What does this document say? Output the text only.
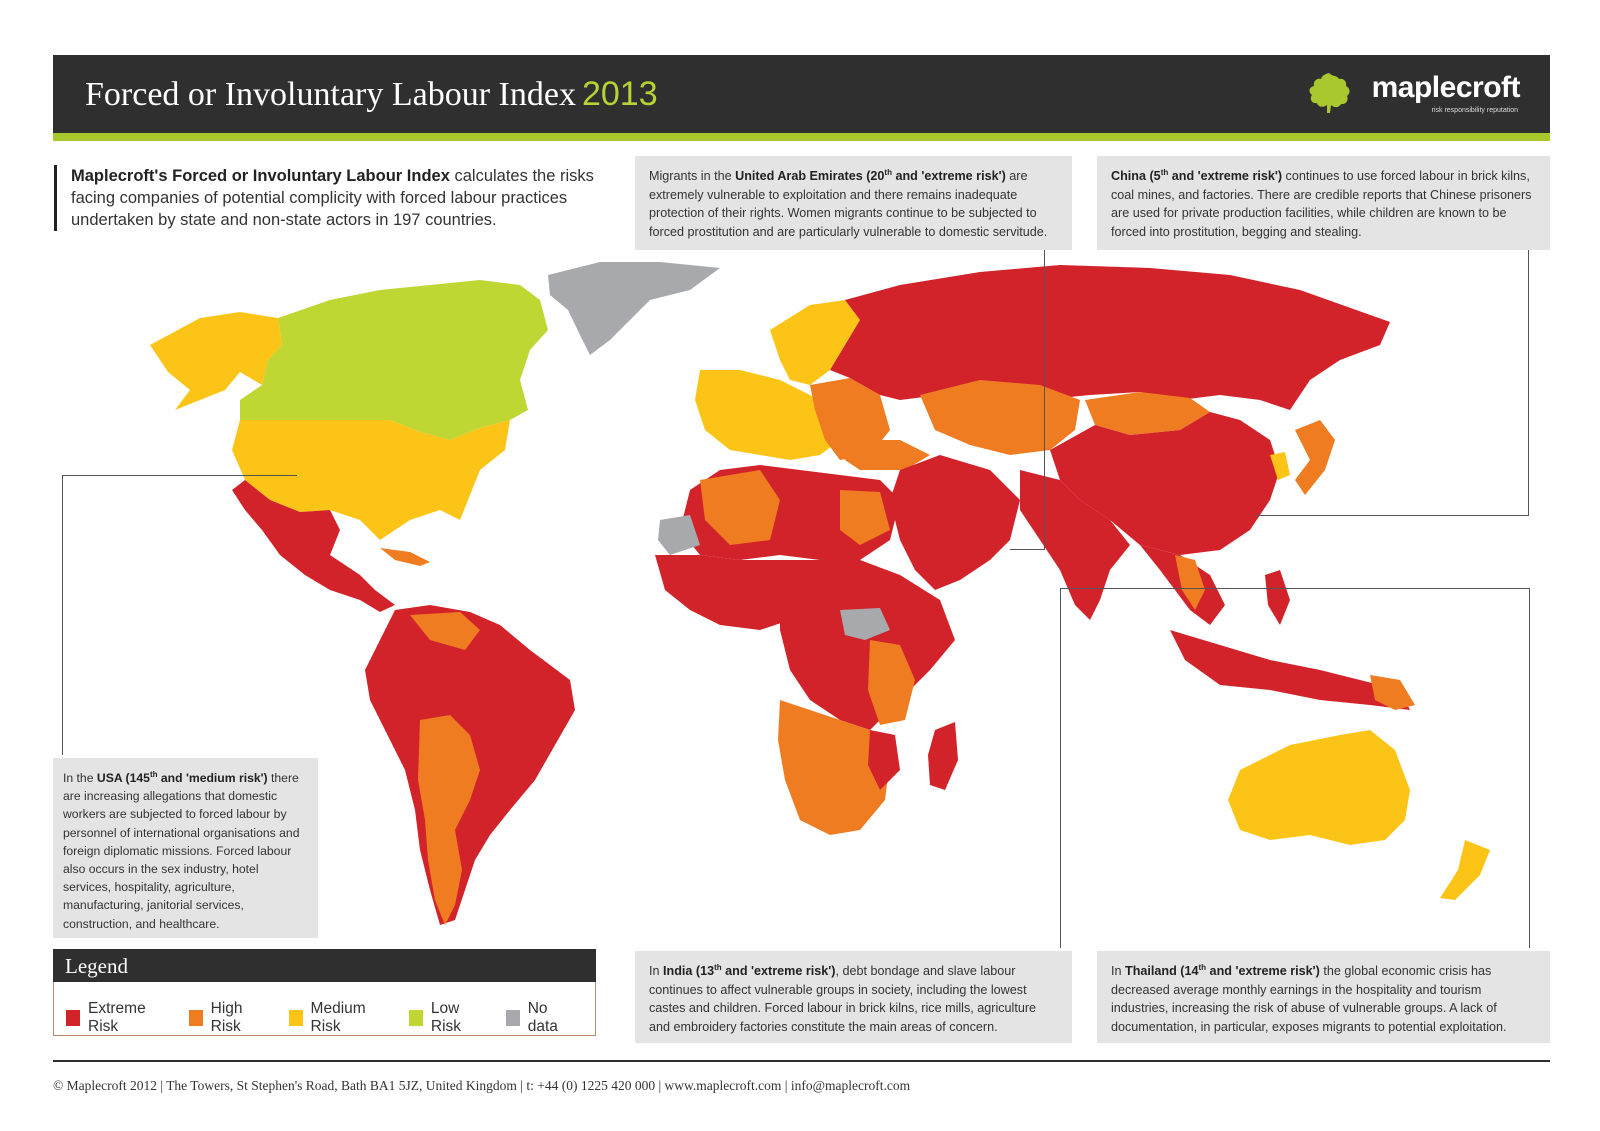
Forced or Involuntary Labour Index 2013	maplecroft
risk responsibility reputation
Maplecroft's Forced or Involuntary Labour Index calculates the risks facing companies of potential complicity with forced labour practices undertaken by state and non-state actors in 197 countries.
Migrants in the United Arab Emirates (20th and 'extreme risk') are extremely vulnerable to exploitation and there remains inadequate protection of their rights. Women migrants continue to be subjected to forced prostitution and are particularly vulnerable to domestic servitude.
China (5th and 'extreme risk') continues to use forced labour in brick kilns, coal mines, and factories. There are credible reports that Chinese prisoners are used for private production facilities, while children are known to be forced into prostitution, begging and stealing.
In the USA (145th and 'medium risk') there are increasing allegations that domestic workers are subjected to forced labour by personnel of international organisations and foreign diplomatic missions. Forced labour also occurs in the sex industry, hotel services, hospitality, agriculture, manufacturing, janitorial services, construction, and healthcare.
In India (13th and 'extreme risk'), debt bondage and slave labour continues to affect vulnerable groups in society, including the lowest castes and children. Forced labour in brick kilns, rice mills, agriculture and embroidery factories constitute the main areas of concern.
In Thailand (14th and 'extreme risk') the global economic crisis has decreased average monthly earnings in the hospitality and tourism industries, increasing the risk of abuse of vulnerable groups. A lack of documentation, in particular, exposes migrants to potential exploitation.
Legend
Extreme Risk
High Risk
Medium Risk
Low Risk
No data
© Maplecroft 2012 | The Towers, St Stephen's Road, Bath BA1 5JZ, United Kingdom | t: +44 (0) 1225 420 000 | www.maplecroft.com | info@maplecroft.com
